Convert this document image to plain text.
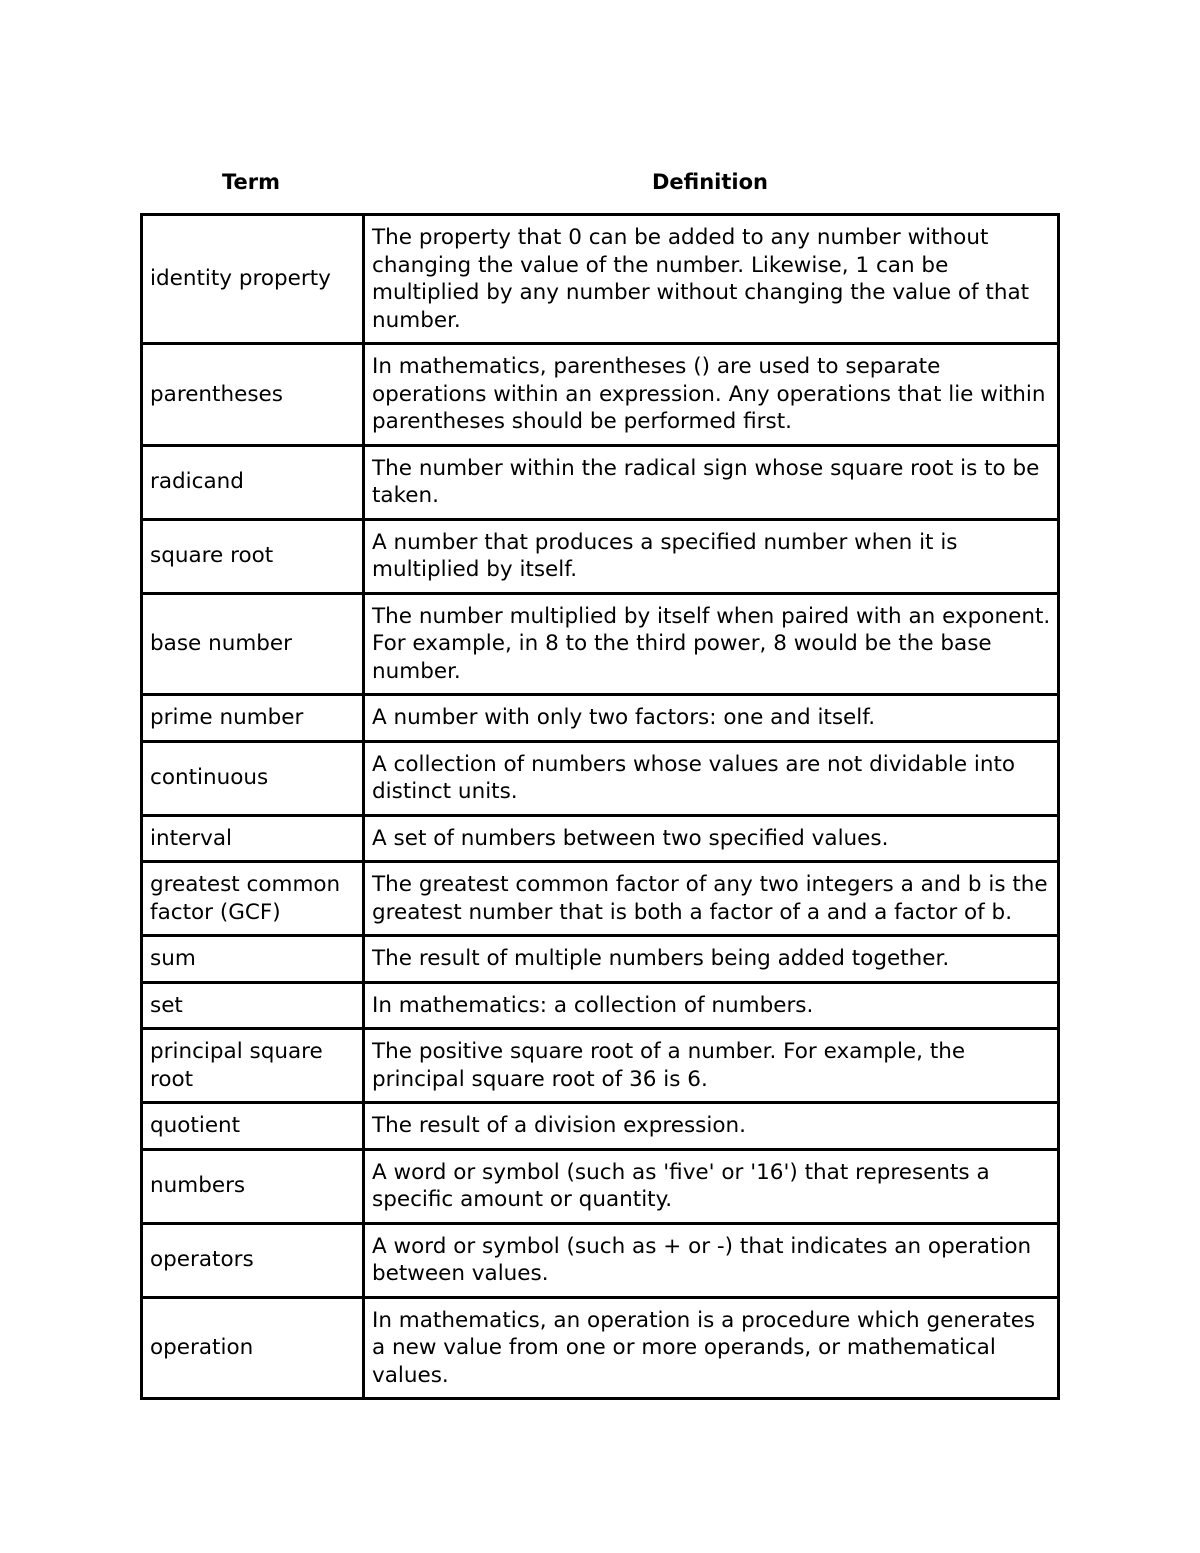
Term	Definition
identity property	The property that 0 can be added to any number without changing the value of the number. Likewise, 1 can be multiplied by any number without changing the value of that number.
parentheses	In mathematics, parentheses () are used to separate operations within an expression. Any operations that lie within parentheses should be performed first.
radicand	The number within the radical sign whose square root is to be taken.
square root	A number that produces a specified number when it is multiplied by itself.
base number	The number multiplied by itself when paired with an exponent. For example, in 8 to the third power, 8 would be the base number.
prime number	A number with only two factors: one and itself.
continuous	A collection of numbers whose values are not dividable into distinct units.
interval	A set of numbers between two specified values.
greatest common factor (GCF)	The greatest common factor of any two integers a and b is the greatest number that is both a factor of a and a factor of b.
sum	The result of multiple numbers being added together.
set	In mathematics: a collection of numbers.
principal square root	The positive square root of a number. For example, the principal square root of 36 is 6.
quotient	The result of a division expression.
numbers	A word or symbol (such as 'five' or '16') that represents a specific amount or quantity.
operators	A word or symbol (such as + or -) that indicates an operation between values.
operation	In mathematics, an operation is a procedure which generates a new value from one or more operands, or mathematical values.
